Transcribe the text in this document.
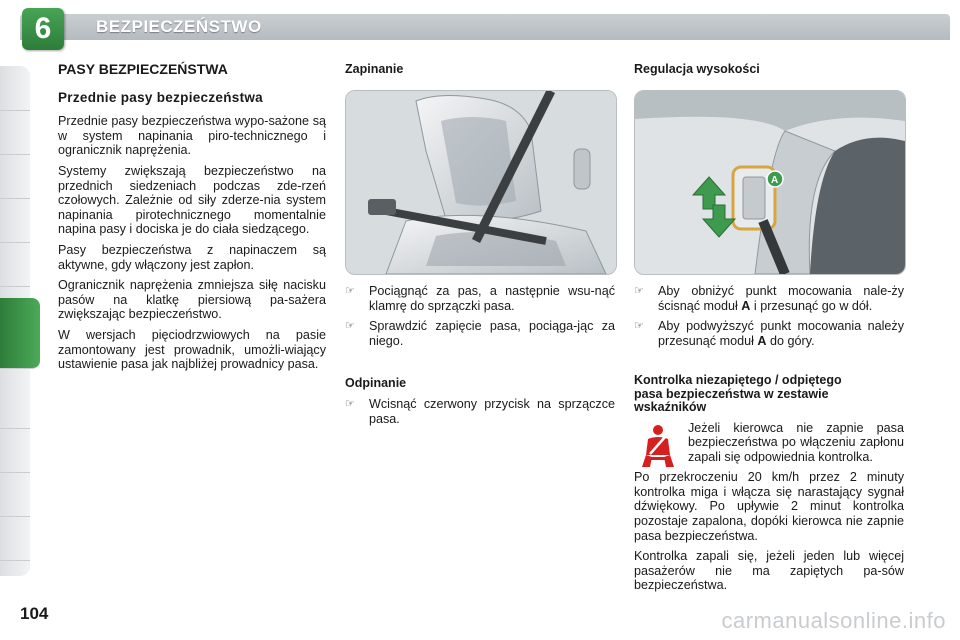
6	BEZPIECZEŃSTWO
PASY BEZPIECZEŃSTWA
Przednie pasy bezpieczeństwa

Przednie pasy bezpieczeństwa wypo-sażone są w system napinania piro-technicznego i ogranicznik naprężenia.

Systemy zwiększają bezpieczeństwo na przednich siedzeniach podczas zde-rzeń czołowych. Zależnie od siły zderze-nia system napinania pirotechnicznego momentalnie napina pasy i dociska je do ciała siedzącego.

Pasy bezpieczeństwa z napinaczem są aktywne, gdy włączony jest zapłon.

Ogranicznik naprężenia zmniejsza siłę nacisku pasów na klatkę piersiową pa-sażera zwiększając bezpieczeństwo.

W wersjach pięciodrzwiowych na pasie zamontowany jest prowadnik, umożli-wiający ustawienie pasa jak najbliżej prowadnicy pasa.

Zapinanie
☞ Pociągnąć za pas, a następnie wsu-nąć klamrę do sprzączki pasa.
☞ Sprawdzić zapięcie pasa, pociąga-jąc za niego.
Odpinanie
☞ Wcisnąć czerwony przycisk na sprzączce pasa.
Regulacja wysokości
A
☞ Aby obniżyć punkt mocowania nale-ży ścisnąć moduł A i przesunąć go w dół.
☞ Aby podwyższyć punkt mocowania należy przesunąć moduł A do góry.
Kontrolka niezapiętego / odpiętego pasa bezpieczeństwa w zestawie wskaźników

Jeżeli kierowca nie zapnie pasa bezpieczeństwa po włączeniu zapłonu zapali się odpowiednia kontrolka.

Po przekroczeniu 20 km/h przez 2 minuty kontrolka miga i włącza się narastający sygnał dźwiękowy. Po upływie 2 minut kontrolka pozostaje zapalona, dopóki kierowca nie zapnie pasa bezpieczeństwa.

Kontrolka zapali się, jeżeli jeden lub więcej pasażerów nie ma zapiętych pa-sów bezpieczeństwa.

104	carmanualsonline.info
